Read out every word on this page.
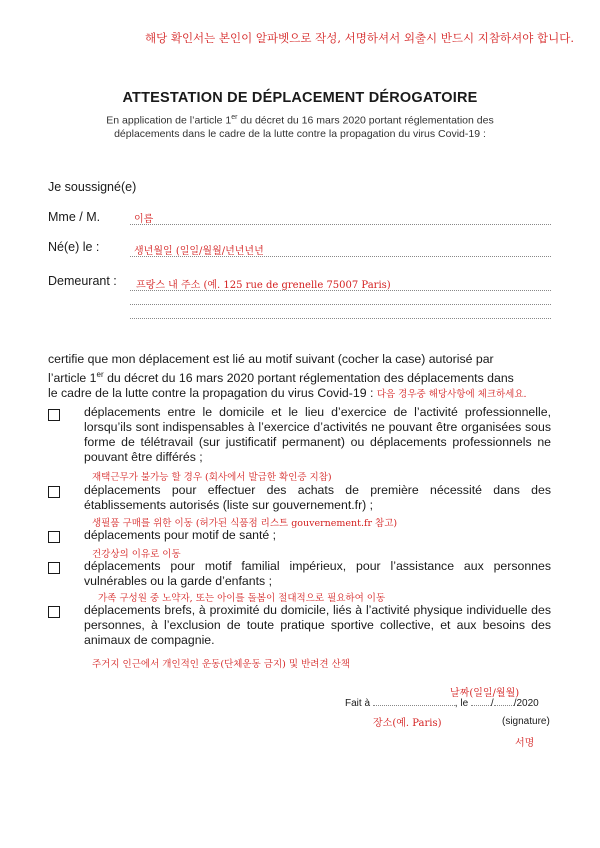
해당 확인서는 본인이 알파벳으로 작성, 서명하셔서 외출시 반드시 지참하셔야 합니다.
ATTESTATION DE DÉPLACEMENT DÉROGATOIRE
En application de l’article 1er du décret du 16 mars 2020 portant réglementation des
déplacements dans le cadre de la lutte contre la propagation du virus Covid-19 :
Je soussigné(e)
Mme / M.	이름
Né(e) le :	생년월일 (일일/월월/년년년년
Demeurant : 프랑스 내 주소 (예. 125 rue de grenelle 75007 Paris)
certifie que mon déplacement est lié au motif suivant (cocher la case) autorisé par
l’article 1er du décret du 16 mars 2020 portant réglementation des déplacements dans
le cadre de la lutte contre la propagation du virus Covid-19 : 다음 경우중 해당사항에 체크하세요.
déplacements entre le domicile et le lieu d’exercice de l’activité professionnelle, lorsqu’ils sont indispensables à l’exercice d’activités ne pouvant être organisées sous forme de télétravail (sur justificatif permanent) ou déplacements professionnels ne pouvant être différés ;
재택근무가 불가능 할 경우 (회사에서 발급한 확인증 지참)
déplacements pour effectuer des achats de première nécessité dans des établissements autorisés (liste sur gouvernement.fr) ;
생필품 구매를 위한 이동 (허가된 식품점 리스트 gouvernement.fr 참고)
déplacements pour motif de santé ;
건강상의 이유로 이동
déplacements pour motif familial impérieux, pour l’assistance aux personnes vulnérables ou la garde d’enfants ;
가족 구성원 중 노약자, 또는 아이를 돌봄이 절대적으로 필요하여 이동
déplacements brefs, à proximité du domicile, liés à l’activité physique individuelle des personnes, à l’exclusion de toute pratique sportive collective, et aux besoins des animaux de compagnie.
주거지 인근에서 개인적인 운동(단체운동 금지) 및 반려견 산책
날짜(일일/월월)
Fait à	, le / /2020
장소(예. Paris)	(signature)
서명
